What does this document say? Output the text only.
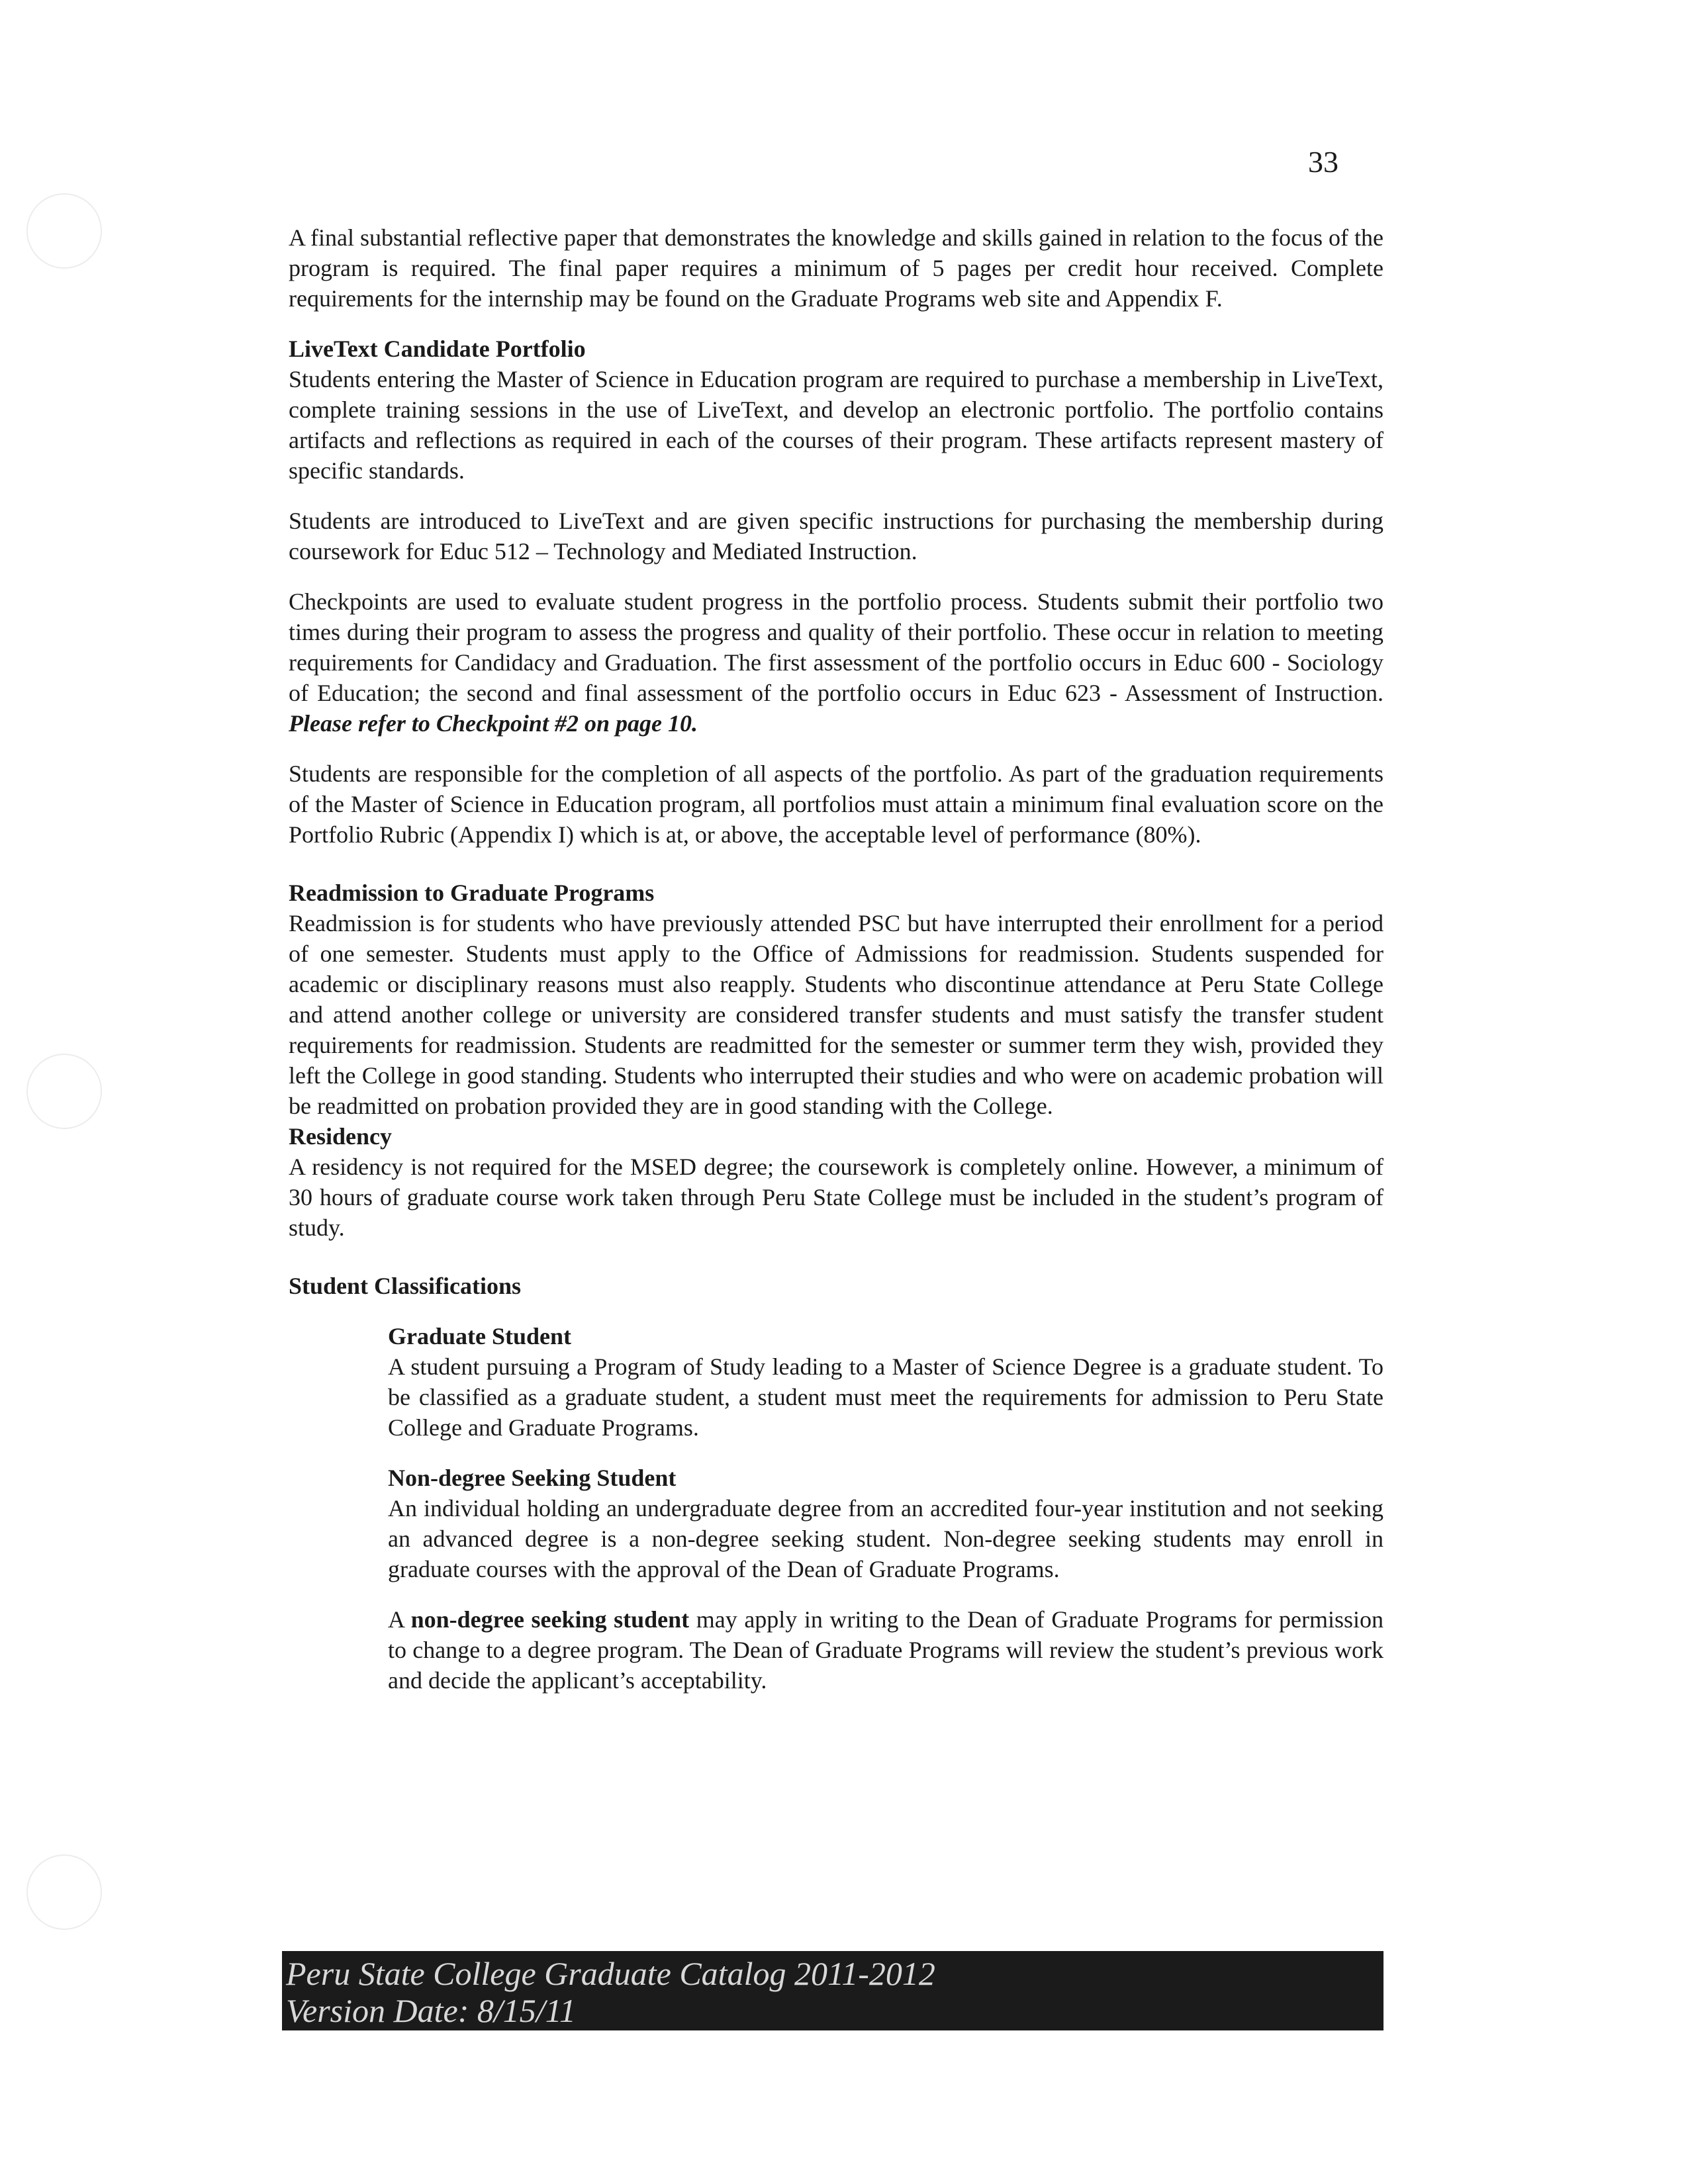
33

A final substantial reflective paper that demonstrates the knowledge and skills gained in relation to the focus of the program is required. The final paper requires a minimum of 5 pages per credit hour received. Complete requirements for the internship may be found on the Graduate Programs web site and Appendix F.

LiveText Candidate Portfolio

Students entering the Master of Science in Education program are required to purchase a membership in LiveText, complete training sessions in the use of LiveText, and develop an electronic portfolio. The portfolio contains artifacts and reflections as required in each of the courses of their program. These artifacts represent mastery of specific standards.

Students are introduced to LiveText and are given specific instructions for purchasing the membership during coursework for Educ 512 – Technology and Mediated Instruction.

Checkpoints are used to evaluate student progress in the portfolio process. Students submit their portfolio two times during their program to assess the progress and quality of their portfolio. These occur in relation to meeting requirements for Candidacy and Graduation. The first assessment of the portfolio occurs in Educ 600 - Sociology of Education; the second and final assessment of the portfolio occurs in Educ 623 - Assessment of Instruction. Please refer to Checkpoint #2 on page 10.

Students are responsible for the completion of all aspects of the portfolio. As part of the graduation requirements of the Master of Science in Education program, all portfolios must attain a minimum final evaluation score on the Portfolio Rubric (Appendix I) which is at, or above, the acceptable level of performance (80%).

Readmission to Graduate Programs

Readmission is for students who have previously attended PSC but have interrupted their enrollment for a period of one semester. Students must apply to the Office of Admissions for readmission. Students suspended for academic or disciplinary reasons must also reapply. Students who discontinue attendance at Peru State College and attend another college or university are considered transfer students and must satisfy the transfer student requirements for readmission. Students are readmitted for the semester or summer term they wish, provided they left the College in good standing. Students who interrupted their studies and who were on academic probation will be readmitted on probation provided they are in good standing with the College.

Residency

A residency is not required for the MSED degree; the coursework is completely online. However, a minimum of 30 hours of graduate course work taken through Peru State College must be included in the student’s program of study.

Student Classifications
Graduate Student

A student pursuing a Program of Study leading to a Master of Science Degree is a graduate student. To be classified as a graduate student, a student must meet the requirements for admission to Peru State College and Graduate Programs.

Non-degree Seeking Student

An individual holding an undergraduate degree from an accredited four-year institution and not seeking an advanced degree is a non-degree seeking student. Non-degree seeking students may enroll in graduate courses with the approval of the Dean of Graduate Programs.

A non-degree seeking student may apply in writing to the Dean of Graduate Programs for permission to change to a degree program. The Dean of Graduate Programs will review the student’s previous work and decide the applicant’s acceptability.

Peru State College Graduate Catalog 2011-2012
Version Date: 8/15/11
